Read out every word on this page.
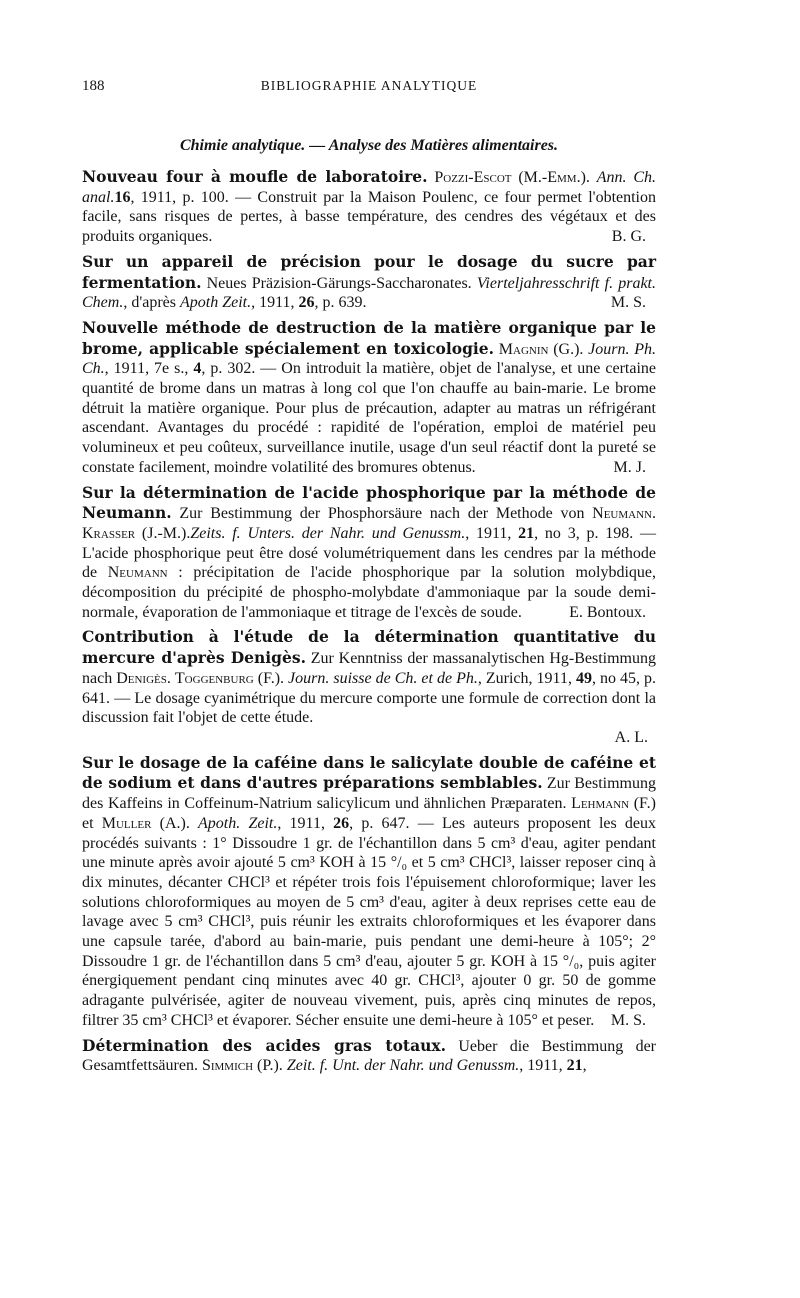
188	BIBLIOGRAPHIE ANALYTIQUE
Chimie analytique. — Analyse des Matières alimentaires.

Nouveau four à moufle de laboratoire. Pozzi-Escot (M.-Emm.). Ann. Ch. anal.16, 1911, p. 100. — Construit par la Maison Poulenc, ce four permet l'obtention facile, sans risques de pertes, à basse température, des cendres des végétaux et des produits organiques.	B. G.

Sur un appareil de précision pour le dosage du sucre par fermentation. Neues Präzision-Gärungs-Saccharonates. Vierteljahresschrift f. prakt. Chem., d'après Apoth Zeit., 1911, 26, p. 639.	M. S.

Nouvelle méthode de destruction de la matière organique par le brome, applicable spécialement en toxicologie. Magnin (G.). Journ. Ph. Ch., 1911, 7e s., 4, p. 302. — On introduit la matière, objet de l'analyse, et une certaine quantité de brome dans un matras à long col que l'on chauffe au bain-marie. Le brome détruit la matière organique. Pour plus de précaution, adapter au matras un réfrigérant ascendant. Avantages du procédé : rapidité de l'opération, emploi de matériel peu volumineux et peu coûteux, surveillance inutile, usage d'un seul réactif dont la pureté se constate facilement, moindre volatilité des bromures obtenus.	M. J.

Sur la détermination de l'acide phosphorique par la méthode de Neumann. Zur Bestimmung der Phosphorsäure nach der Methode von Neumann. Krasser (J.-M.).Zeits. f. Unters. der Nahr. und Genussm., 1911, 21, no 3, p. 198. — L'acide phosphorique peut être dosé volumétriquement dans les cendres par la méthode de Neumann : précipitation de l'acide phosphorique par la solution molybdique, décomposition du précipité de phospho-molybdate d'ammoniaque par la soude demi-normale, évaporation de l'ammoniaque et titrage de l'excès de soude.	E. Bontoux.

Contribution à l'étude de la détermination quantitative du mercure d'après Denigès. Zur Kenntniss der massanalytischen Hg-Bestimmung nach Denigès. Toggenburg (F.). Journ. suisse de Ch. et de Ph., Zurich, 1911, 49, no 45, p. 641. — Le dosage cyanimétrique du mercure comporte une formule de correction dont la discussion fait l'objet de cette étude.
A. L.

Sur le dosage de la caféine dans le salicylate double de caféine et de sodium et dans d'autres préparations semblables. Zur Bestimmung des Kaffeins in Coffeinum-Natrium salicylicum und ähnlichen Præparaten. Lehmann (F.) et Muller (A.). Apoth. Zeit., 1911, 26, p. 647. — Les auteurs proposent les deux procédés suivants : 1° Dissoudre 1 gr. de l'échantillon dans 5 cm³ d'eau, agiter pendant une minute après avoir ajouté 5 cm³ KOH à 15 °/₀ et 5 cm³ CHCl³, laisser reposer cinq à dix minutes, décanter CHCl³ et répéter trois fois l'épuisement chloroformique; laver les solutions chloroformiques au moyen de 5 cm³ d'eau, agiter à deux reprises cette eau de lavage avec 5 cm³ CHCl³, puis réunir les extraits chloroformiques et les évaporer dans une capsule tarée, d'abord au bain-marie, puis pendant une demi-heure à 105°; 2° Dissoudre 1 gr. de l'échantillon dans 5 cm³ d'eau, ajouter 5 gr. KOH à 15 °/₀, puis agiter énergiquement pendant cinq minutes avec 40 gr. CHCl³, ajouter 0 gr. 50 de gomme adragante pulvérisée, agiter de nouveau vivement, puis, après cinq minutes de repos, filtrer 35 cm³ CHCl³ et évaporer. Sécher ensuite une demi-heure à 105° et peser. M. S.

Détermination des acides gras totaux. Ueber die Bestimmung der Gesamtfettsäuren. Simmich (P.). Zeit. f. Unt. der Nahr. und Genussm., 1911, 21,
